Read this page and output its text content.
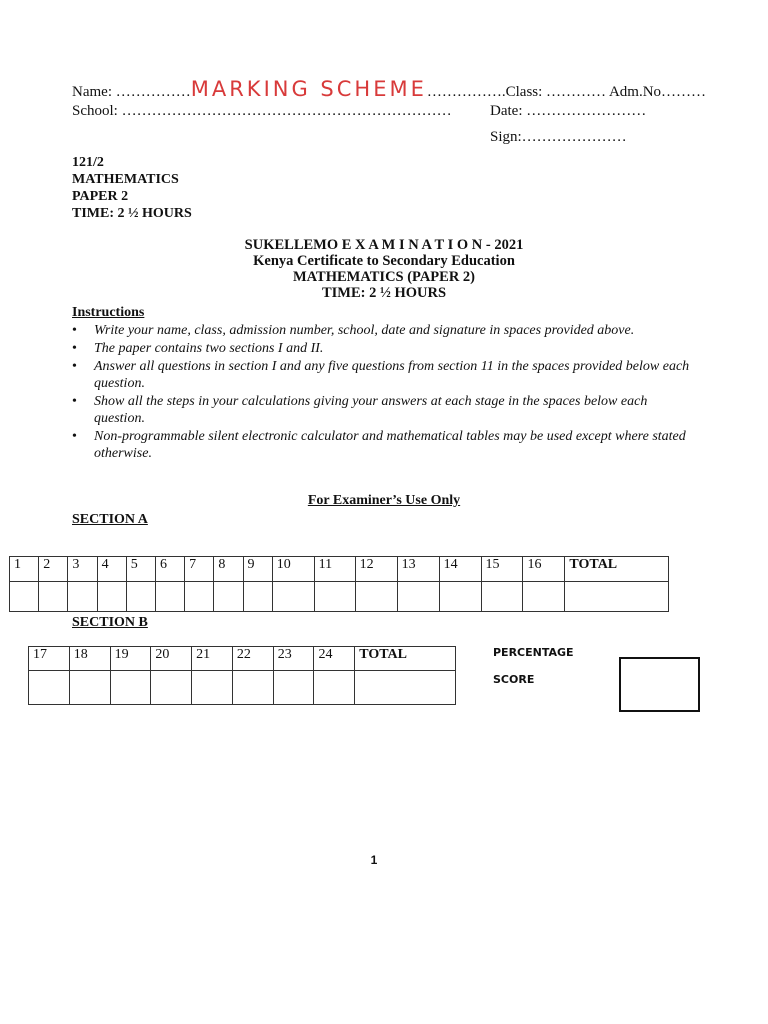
Name: ……………MARKING SCHEME…………….Class: ………… Adm.No………
School: …………………………………………………………	Date: ……………………
Sign:…………………
121/2
MATHEMATICS
PAPER 2
TIME: 2 ½ HOURS
SUKELLEMO E X A M I N A T I O N - 2021
Kenya Certificate to Secondary Education
MATHEMATICS (PAPER 2)
TIME: 2 ½ HOURS
Instructions
• Write your name, class, admission number, school, date and signature in spaces provided above.
• The paper contains two sections I and II.
• Answer all questions in section I and any five questions from section 11 in the spaces provided below each question.
• Show all the steps in your calculations giving your answers at each stage in the spaces below each question.
• Non-programmable silent electronic calculator and mathematical tables may be used except where stated otherwise.
For Examiner’s Use Only
SECTION A
1	2	3	4	5	6	7	8	9	10	11	12	13	14	15	16	TOTAL

SECTION B
17	18	19	20	21	22	23	24	TOTAL
									PERCENTAGE
SCORE
1
